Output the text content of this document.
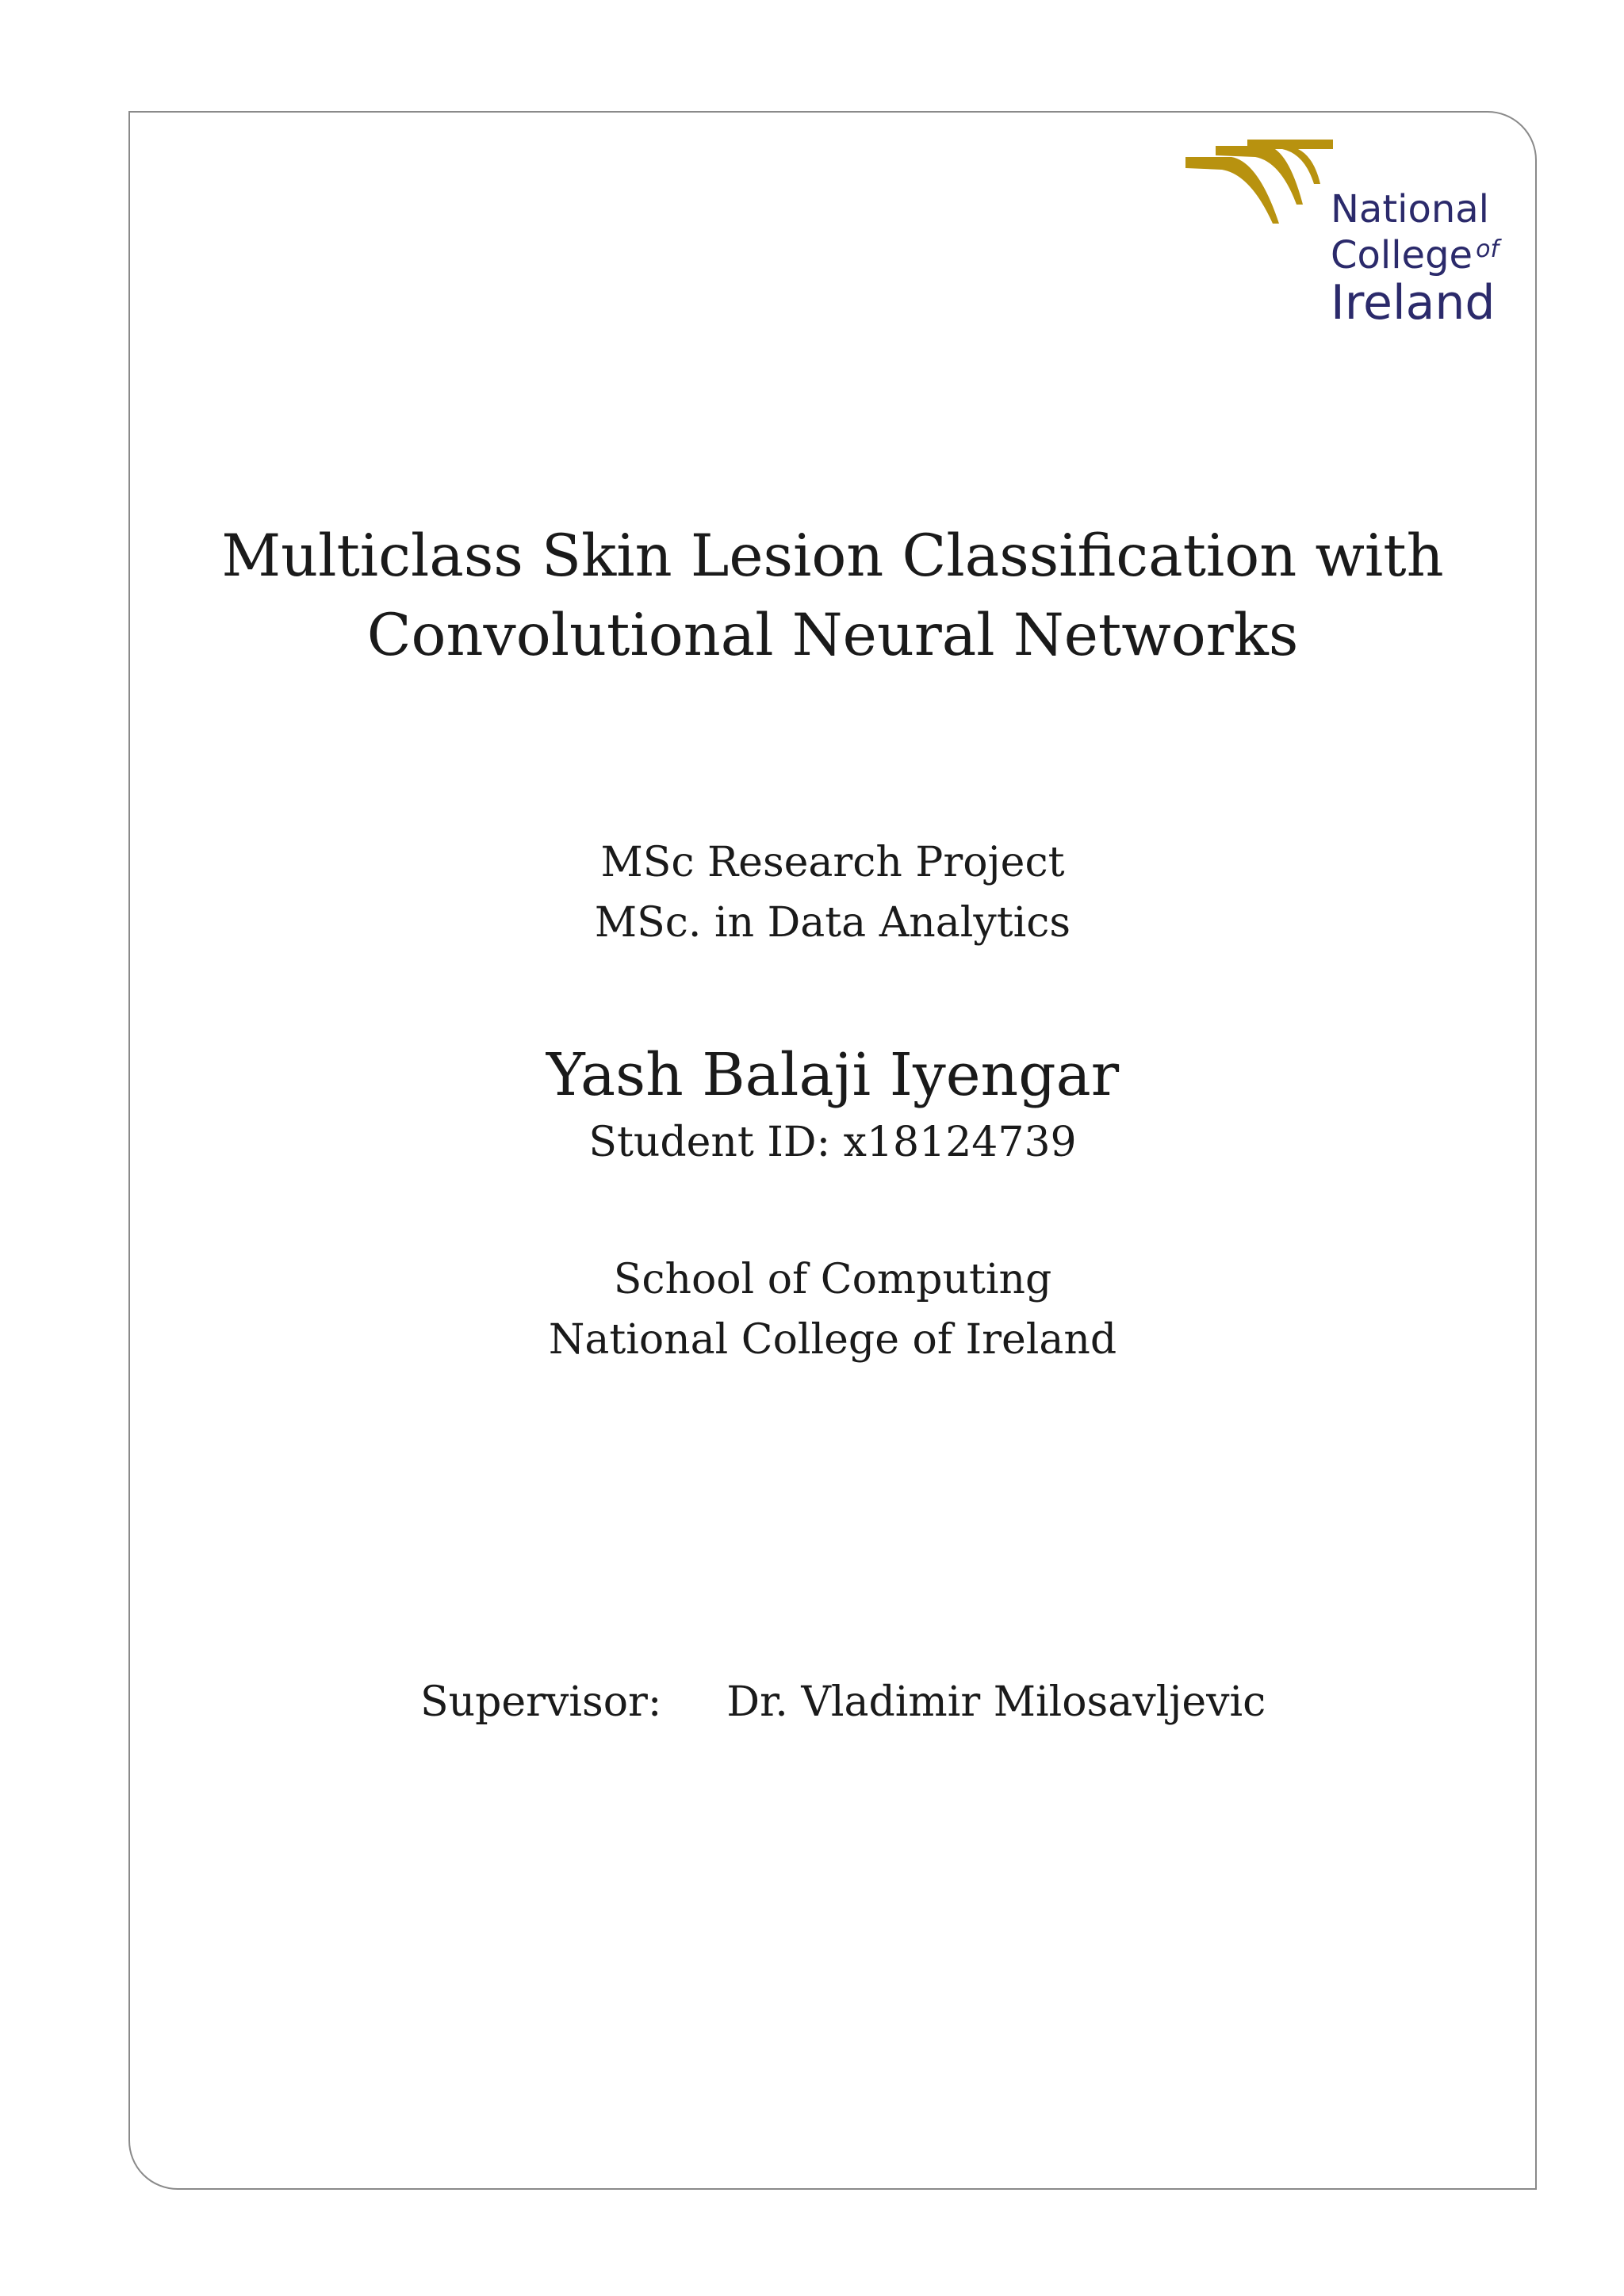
National
College $^{of}$
Ireland
Multiclass Skin Lesion Classification with
Convolutional Neural Networks
MSc Research Project
MSc. in Data Analytics
Yash Balaji Iyengar
Student ID: x18124739
School of Computing
National College of Ireland
Supervisor: Dr. Vladimir Milosavljevic
